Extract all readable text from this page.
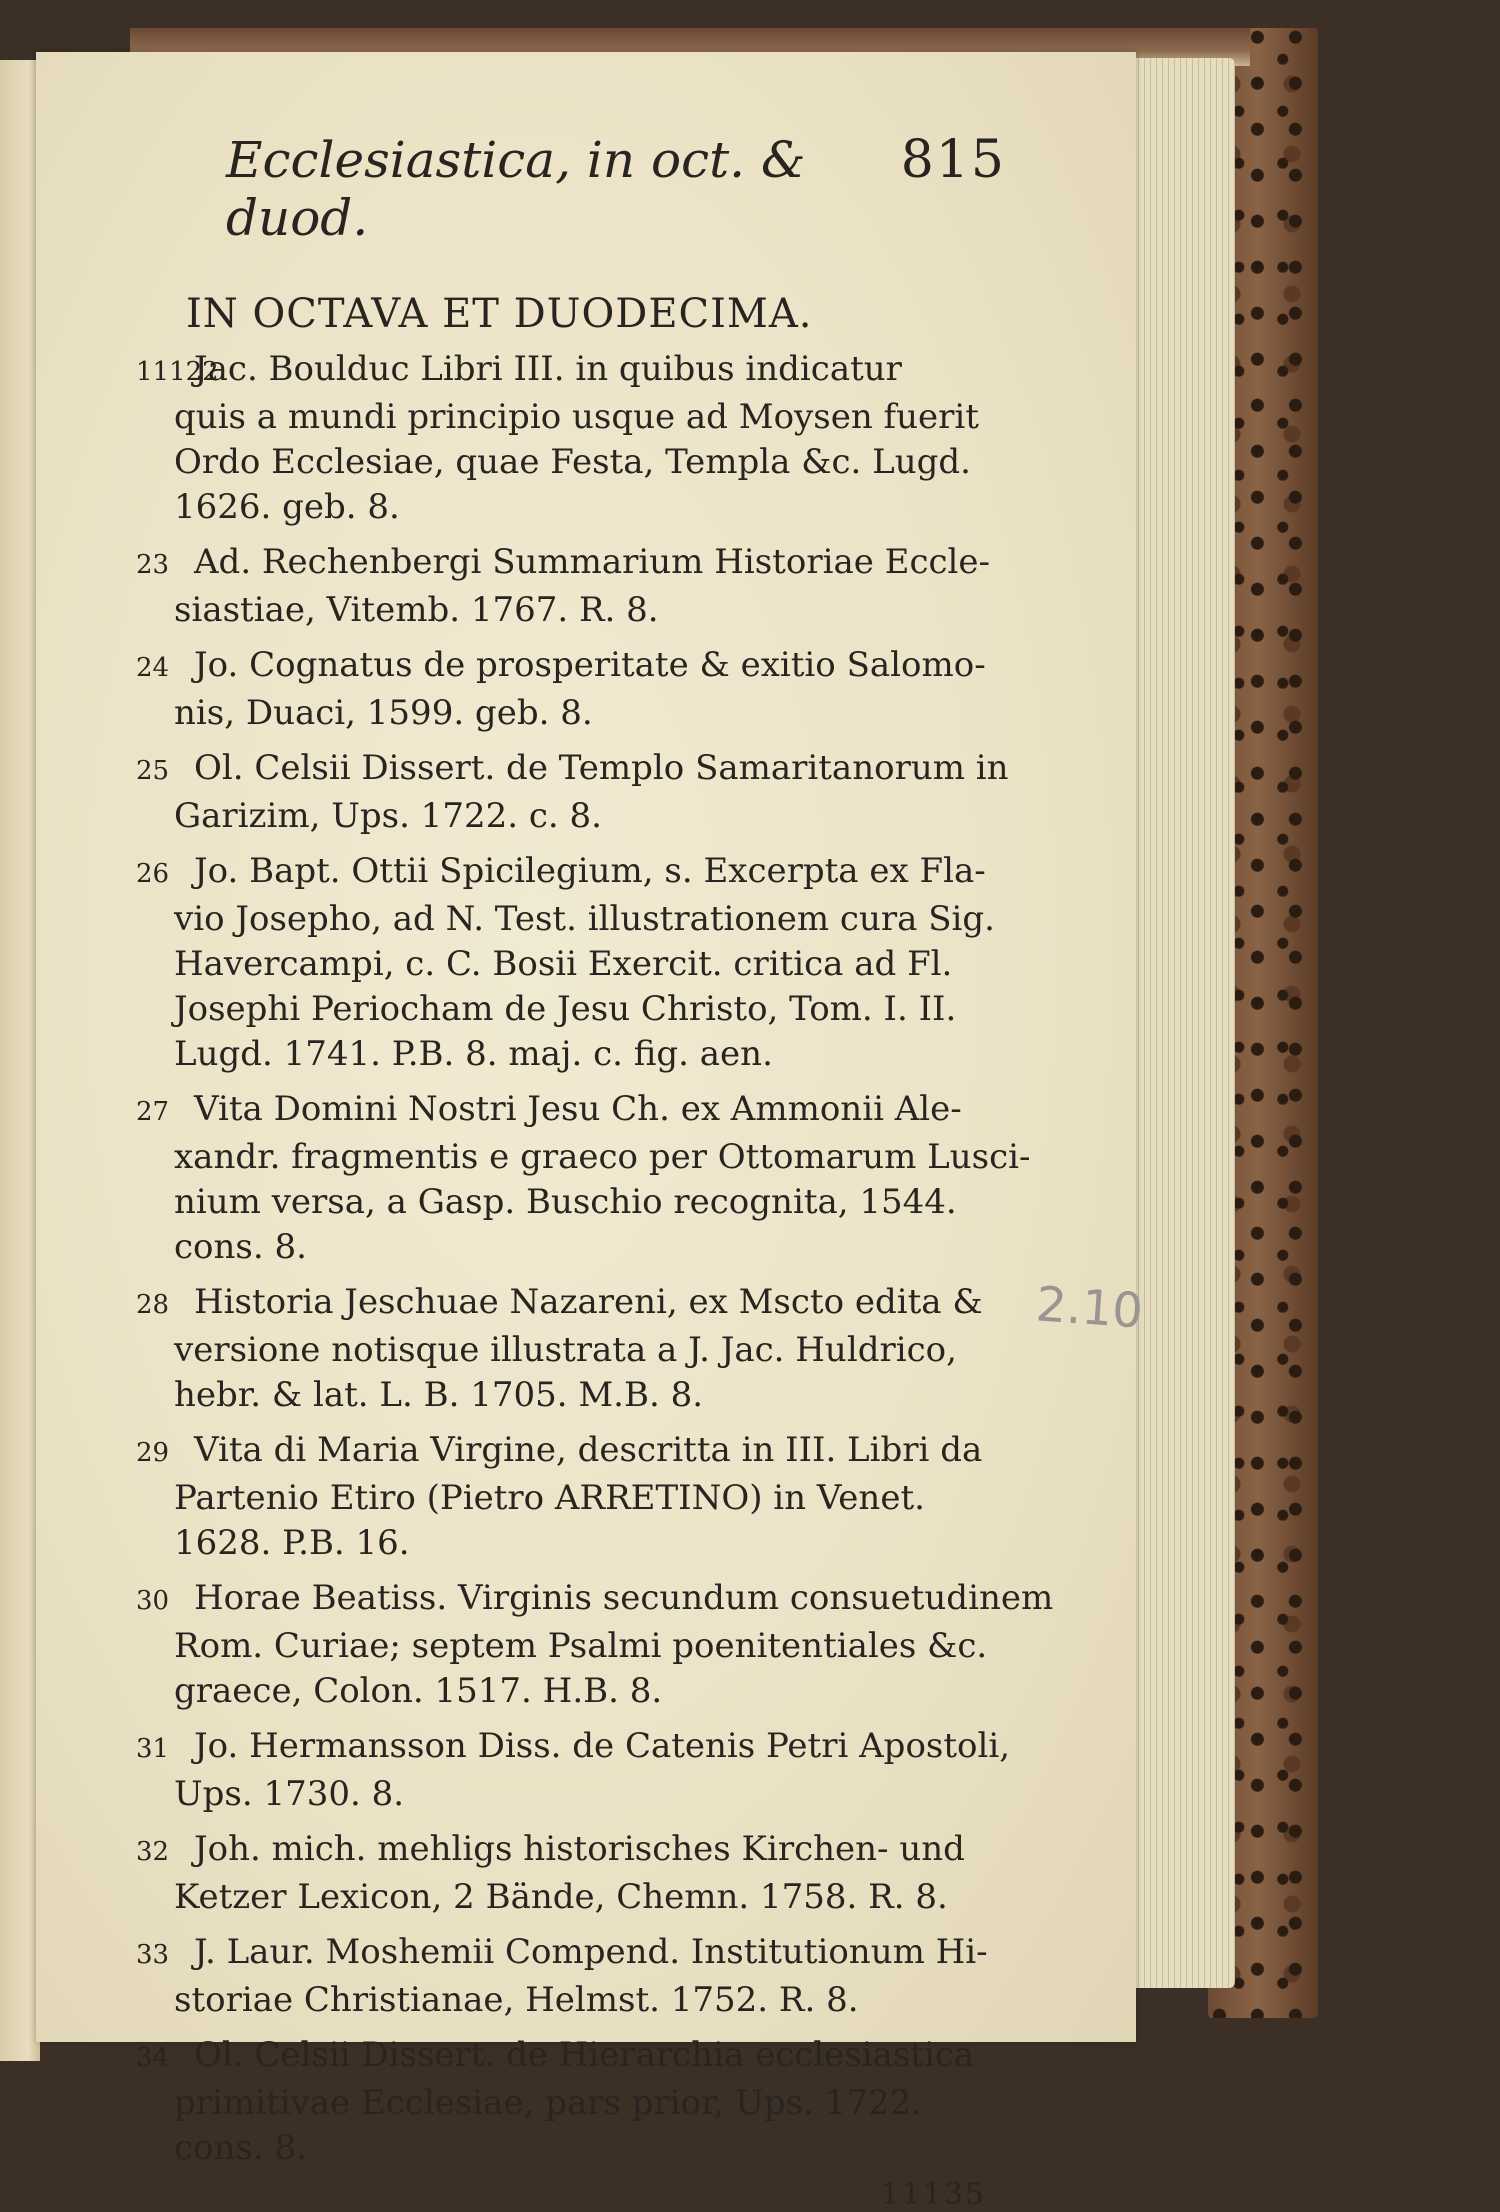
Ecclesiastica, in oct. & duod.
815
IN OCTAVA ET DUODECIMA.
11122Jac. Boulduc Libri III. in quibus indicatur
quis a mundi principio usque ad Moysen fuerit
Ordo Ecclesiae, quae Festa, Templa &c. Lugd.
1626. geb. 8.
23 Ad. Rechenbergi Summarium Historiae Eccle-
siastiae, Vitemb. 1767. R. 8.
24 Jo. Cognatus de prosperitate & exitio Salomo-
nis, Duaci, 1599. geb. 8.
25 Ol. Celsii Dissert. de Templo Samaritanorum in
Garizim, Ups. 1722. c. 8.
26 Jo. Bapt. Ottii Spicilegium, s. Excerpta ex Fla-
vio Josepho, ad N. Test. illustrationem cura Sig.
Havercampi, c. C. Bosii Exercit. critica ad Fl.
Josephi Periocham de Jesu Christo, Tom. I. II.
Lugd. 1741. P.B. 8. maj. c. fig. aen.
27 Vita Domini Nostri Jesu Ch. ex Ammonii Ale-
xandr. fragmentis e graeco per Ottomarum Lusci-
nium versa, a Gasp. Buschio recognita, 1544.
cons. 8.
28 Historia Jeschuae Nazareni, ex Mscto edita &
versione notisque illustrata a J. Jac. Huldrico,
hebr. & lat. L. B. 1705. M.B. 8.
29 Vita di Maria Virgine, descritta in III. Libri da
Partenio Etiro (Pietro ARRETINO) in Venet.
1628. P.B. 16.
30 Horae Beatiss. Virginis secundum consuetudinem
Rom. Curiae; septem Psalmi poenitentiales &c.
graece, Colon. 1517. H.B. 8.
31 Jo. Hermansson Diss. de Catenis Petri Apostoli,
Ups. 1730. 8.
32 Joh. mich. mehligs historisches Kirchen- und
Ketzer Lexicon, 2 Bände, Chemn. 1758. R. 8.
33 J. Laur. Moshemii Compend. Institutionum Hi-
storiae Christianae, Helmst. 1752. R. 8.
34 Ol. Celsii Dissert. de Hierarchia ecclesiastica
primitivae Ecclesiae, pars prior, Ups. 1722.
cons. 8.
11135
2.10
